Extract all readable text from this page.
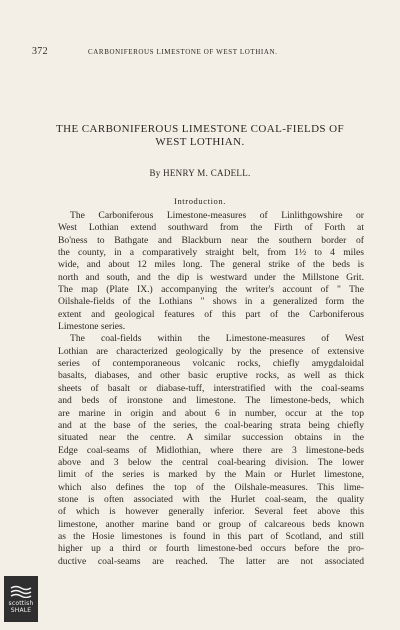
372	CARBONIFEROUS LIMESTONE OF WEST LOTHIAN.
THE CARBONIFEROUS LIMESTONE COAL-FIELDS OF
WEST LOTHIAN.
By HENRY M. CADELL.
Introduction.
The Carboniferous Limestone-measures of Linlithgowshire or
West Lothian extend southward from the Firth of Forth at
Bo'ness to Bathgate and Blackburn near the southern border of
the county, in a comparatively straight belt, from 1½ to 4 miles
wide, and about 12 miles long. The general strike of the beds is
north and south, and the dip is westward under the Millstone Grit.
The map (Plate IX.) accompanying the writer's account of " The
Oilshale-fields of the Lothians " shows in a generalized form the
extent and geological features of this part of the Carboniferous
Limestone series.
The coal-fields within the Limestone-measures of West
Lothian are characterized geologically by the presence of extensive
series of contemporaneous volcanic rocks, chiefly amygdaloidal
basalts, diabases, and other basic eruptive rocks, as well as thick
sheets of basalt or diabase-tuff, interstratified with the coal-seams
and beds of ironstone and limestone. The limestone-beds, which
are marine in origin and about 6 in number, occur at the top
and at the base of the series, the coal-bearing strata being chiefly
situated near the centre. A similar succession obtains in the
Edge coal-seams of Midlothian, where there are 3 limestone-beds
above and 3 below the central coal-bearing division. The lower
limit of the series is marked by the Main or Hurlet limestone,
which also defines the top of the Oilshale-measures. This lime-
stone is often associated with the Hurlet coal-seam, the quality
of which is however generally inferior. Several feet above this
limestone, another marine band or group of calcareous beds known
as the Hosie limestones is found in this part of Scotland, and still
higher up a third or fourth limestone-bed occurs before the pro-
ductive coal-seams are reached. The latter are not associated
scottish
SHALE
